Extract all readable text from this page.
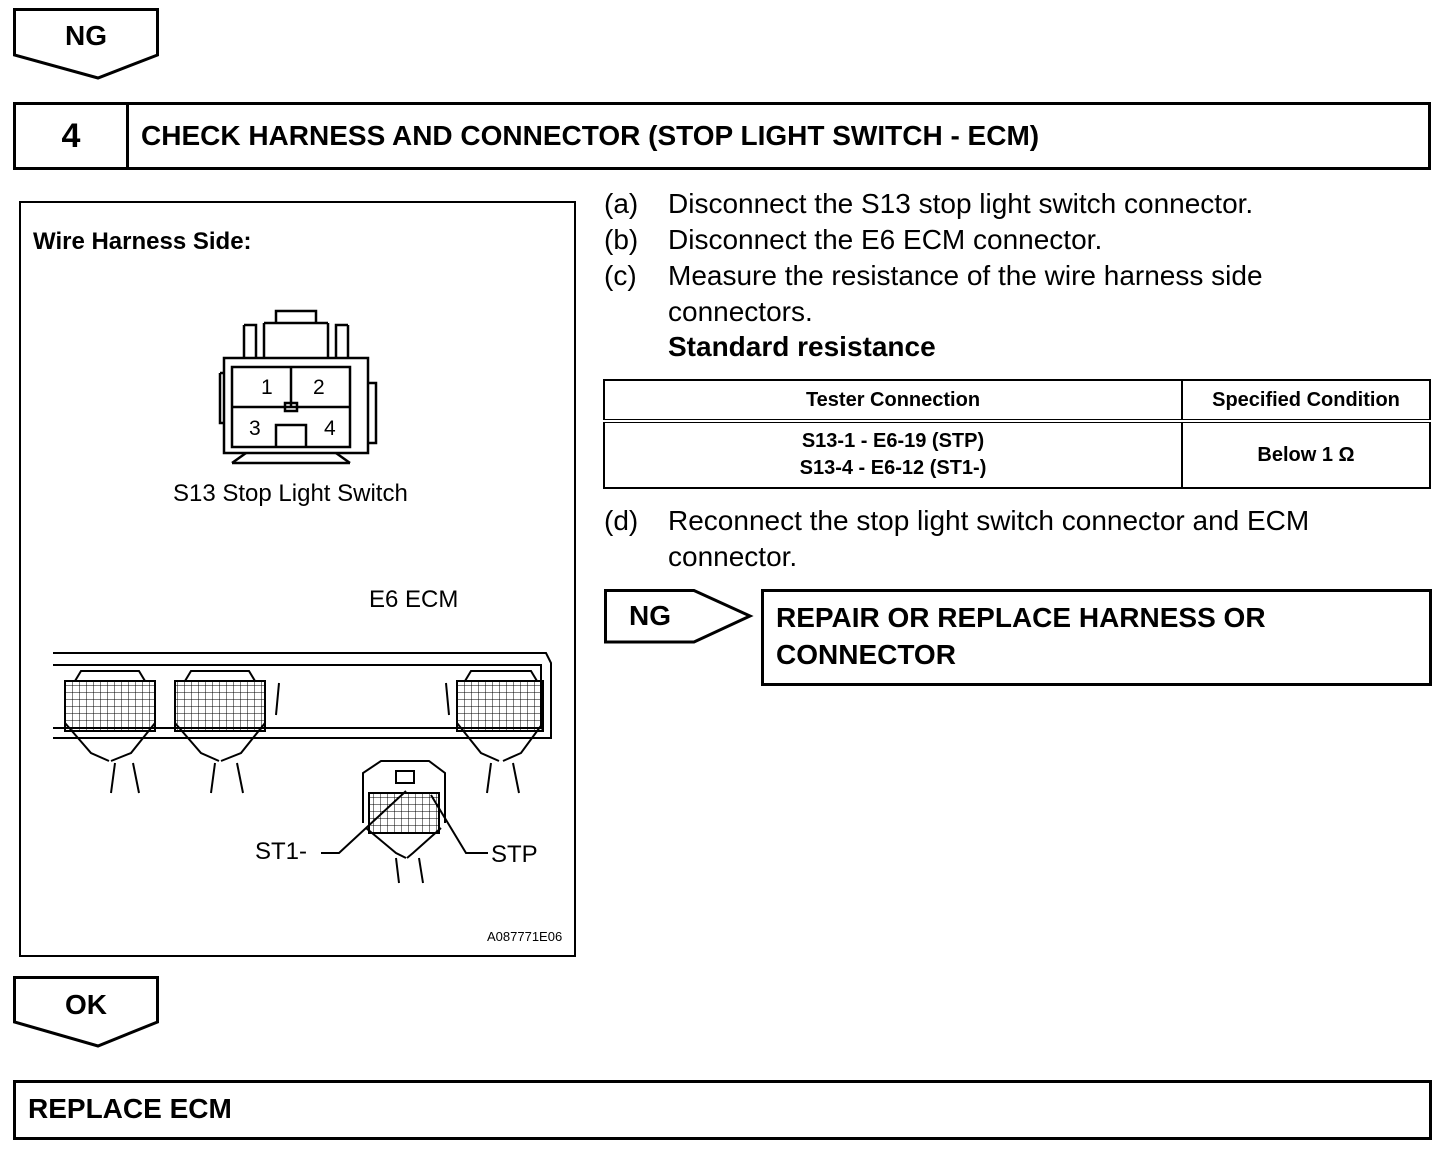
NG
4	CHECK HARNESS AND CONNECTOR (STOP LIGHT SWITCH - ECM)
Wire Harness Side:
1 2
3	4
S13 Stop Light Switch
E6 ECM
ST1-	STP
A087771E06
(a) Disconnect the S13 stop light switch connector.
(b) Disconnect the E6 ECM connector.
(c) Measure the resistance of the wire harness side
connectors.
Standard resistance
Tester Connection	Specified Condition

S13-1 - E6-19 (STP)
S13-4 - E6-12 (ST1-)	Below 1 Ω
(d) Reconnect the stop light switch connector and ECM
connector.
NG	REPAIR OR REPLACE HARNESS OR
CONNECTOR
OK
REPLACE ECM
